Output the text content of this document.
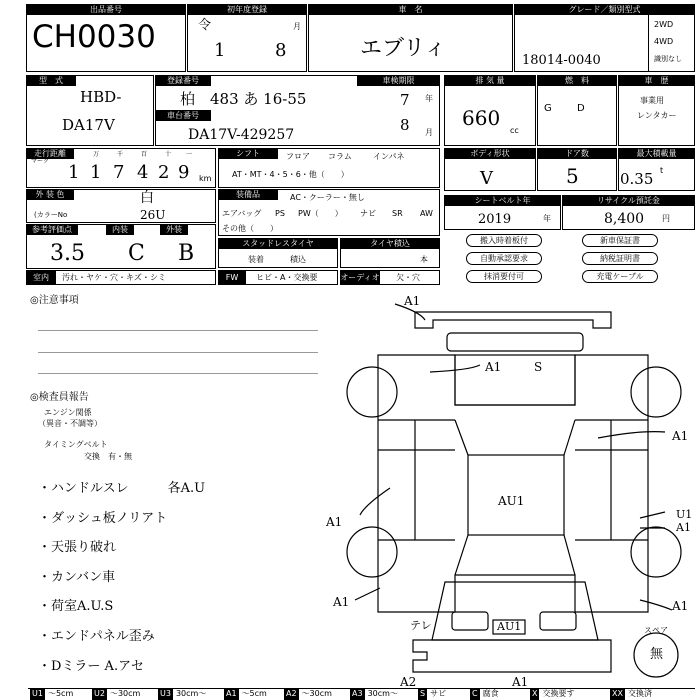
出品番号
CH0030
初年度登録
令
1
月
8
車　名
エブリィ
グレード／類別型式
18014-0040
2WD
4WD
識別なし
型　式
HBD-
DA17V
登録番号
柏　483 あ 16-55
車台番号
DA17V-429257
車検期限
年
7
8 月
排 気 量
660
cc
燃　料
G	D
車　歴
事業用
レンタカー
走行距離
マーク
万	千	百	十 一
1 1 7 4 2 9 km
シフト	フロア コラム	インパネ
AT・MT・4・5・6・他（　　）
ボディ形状
V
ドア数
5
最大積載量
0.35 t
外 装 色	白
(カラーNo	26U
装備品	AC・クーラー・無し
エアバッグ PS PW（　　） ナビ SR AW
その他（　　）
シートベルト年
2019	年
リサイクル預託金
8,400 円
参考評価点
3.5
内装
C
外装
B	スタッドレスタイヤ
装着	積込
タイヤ積込
本
搬入時着板付
自動承認要求
抹消要付可
新車保証書
納税証明書
充電ケーブル
室内	汚れ・ヤケ・穴・キズ・シミ	FW	ヒビ・A・交換要	オーディオ 欠・穴
◎注意事項
◎検査員報告
エンジン関係
（異音・不調等）
タイミングベルト
交換　有・無
・ハンドルスレ　　　各A.U
・ダッシュ板ノリアト
・天張り破れ
・カンバン車
・荷室A.U.S
・エンドパネル歪み
・Dミラー A.アセ
A1
A1	S
A1
A1
AU1
U1
A1
A1	A1
テレ	AU1
A2	A1
スペア
無
U1 ～5cm	U2 ～30cm	U3 30cm～	A1 ～5cm	A2 ～30cm	A3 30cm～	S サビ	C 腐食	X 交換要す	XX 交換済
